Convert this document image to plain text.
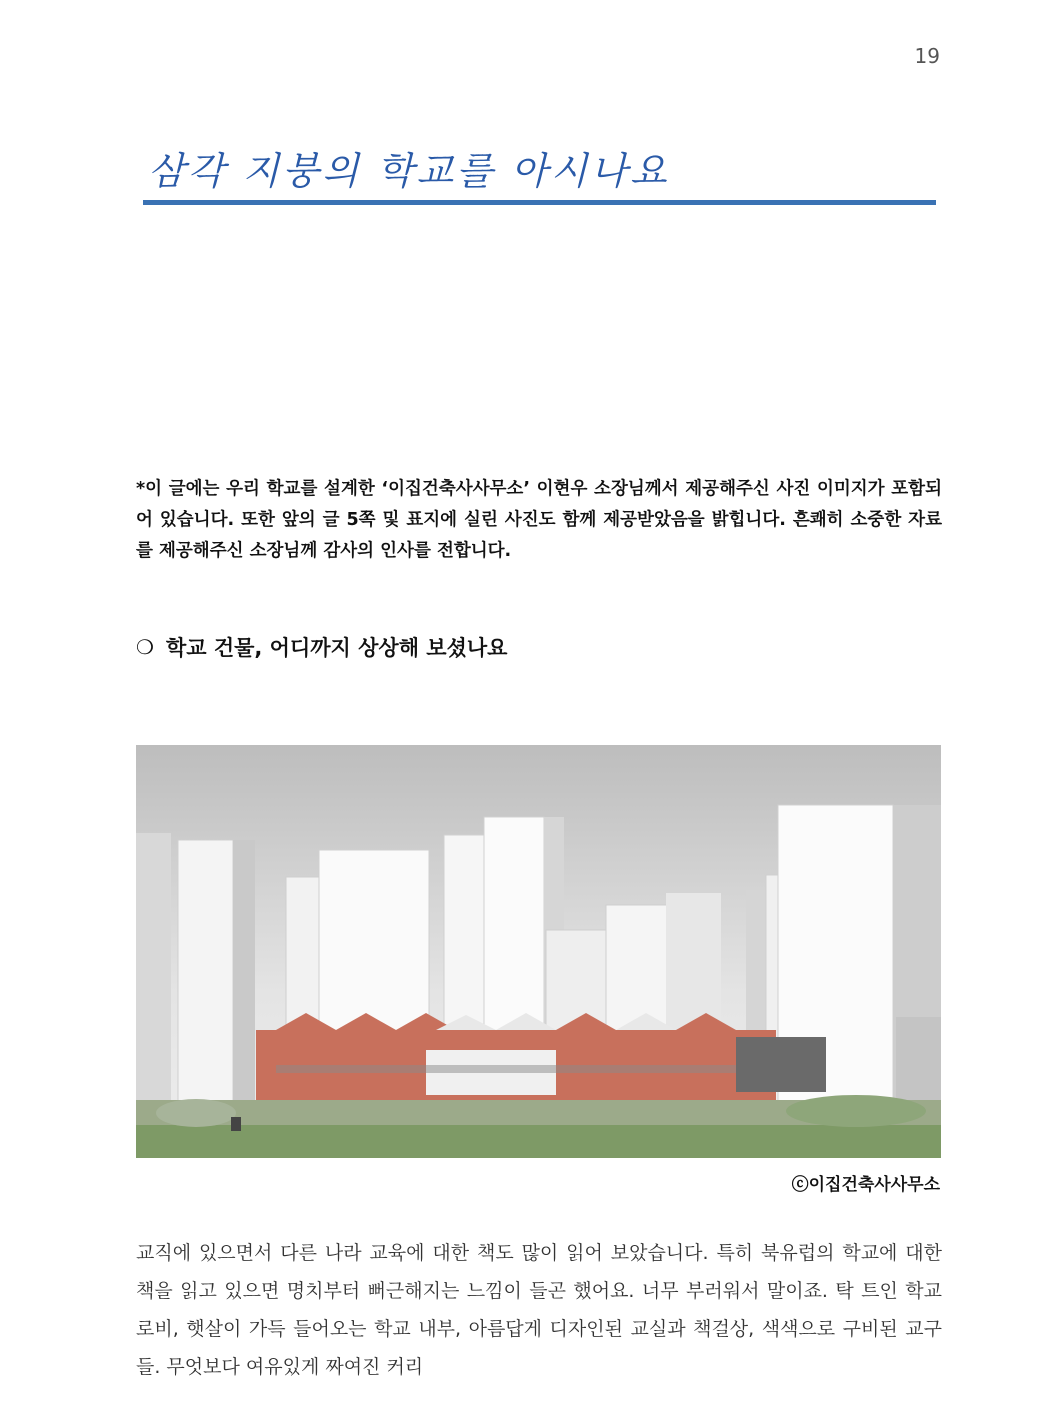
19
삼각 지붕의 학교를 아시나요
*이 글에는 우리 학교를 설계한 ‘이집건축사사무소’ 이현우 소장님께서 제공해주신 사진 이미지가 포함되어 있습니다. 또한 앞의 글 5쪽 및 표지에 실린 사진도 함께 제공받았음을 밝힙니다. 흔쾌히 소중한 자료를 제공해주신 소장님께 감사의 인사를 전합니다.
❍ 학교 건물, 어디까지 상상해 보셨나요
ⓒ이집건축사사무소

교직에 있으면서 다른 나라 교육에 대한 책도 많이 읽어 보았습니다. 특히 북유럽의 학교에 대한 책을 읽고 있으면 명치부터 뻐근해지는 느낌이 들곤 했어요. 너무 부러워서 말이죠. 탁 트인 학교 로비, 햇살이 가득 들어오는 학교 내부, 아름답게 디자인된 교실과 책걸상, 색색으로 구비된 교구들. 무엇보다 여유있게 짜여진 커리
